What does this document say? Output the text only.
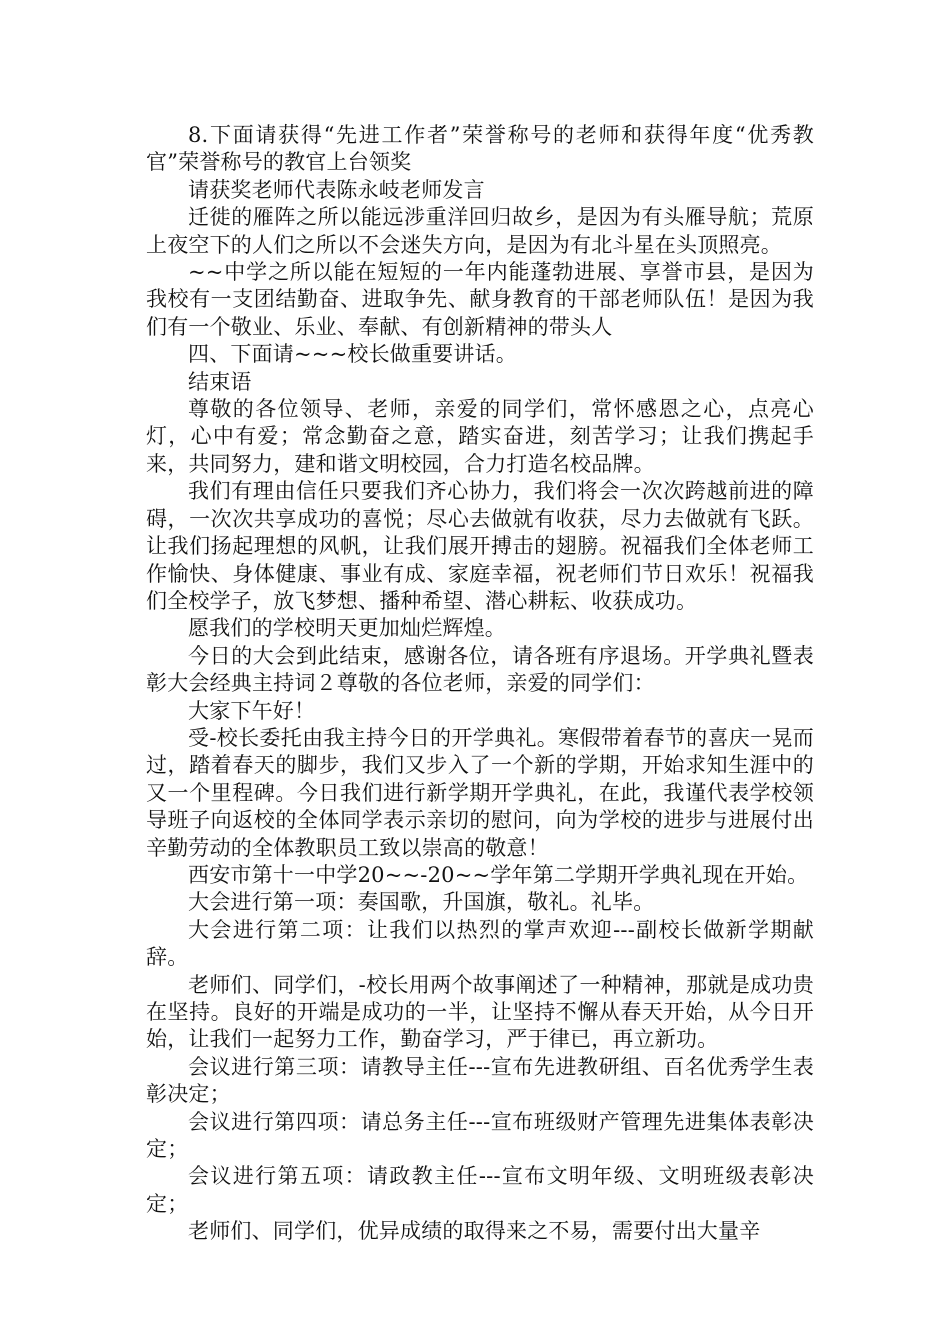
8.下面请获得“先进工作者”荣誉称号的老师和获得年度“优秀教官”荣誉称号的教官上台领奖

请获奖老师代表陈永岐老师发言

迁徙的雁阵之所以能远涉重洋回归故乡，是因为有头雁导航；荒原上夜空下的人们之所以不会迷失方向，是因为有北斗星在头顶照亮。

~~中学之所以能在短短的一年内能蓬勃进展、享誉市县，是因为我校有一支团结勤奋、进取争先、献身教育的干部老师队伍！是因为我们有一个敬业、乐业、奉献、有创新精神的带头人

四、下面请~~~校长做重要讲话。

结束语

尊敬的各位领导、老师，亲爱的同学们，常怀感恩之心，点亮心灯，心中有爱；常念勤奋之意，踏实奋进，刻苦学习；让我们携起手来，共同努力，建和谐文明校园，合力打造名校品牌。

我们有理由信任只要我们齐心协力，我们将会一次次跨越前进的障碍，一次次共享成功的喜悦；尽心去做就有收获，尽力去做就有飞跃。让我们扬起理想的风帆，让我们展开搏击的翅膀。祝福我们全体老师工作愉快、身体健康、事业有成、家庭幸福，祝老师们节日欢乐！祝福我们全校学子，放飞梦想、播种希望、潜心耕耘、收获成功。

愿我们的学校明天更加灿烂辉煌。

今日的大会到此结束，感谢各位，请各班有序退场。开学典礼暨表彰大会经典主持词２尊敬的各位老师，亲爱的同学们：

大家下午好！

受-校长委托由我主持今日的开学典礼。寒假带着春节的喜庆一晃而过，踏着春天的脚步，我们又步入了一个新的学期，开始求知生涯中的又一个里程碑。今日我们进行新学期开学典礼，在此，我谨代表学校领导班子向返校的全体同学表示亲切的慰问，向为学校的进步与进展付出辛勤劳动的全体教职员工致以崇高的敬意！

西安市第十一中学20~~-20~~学年第二学期开学典礼现在开始。

大会进行第一项：奏国歌，升国旗，敬礼。礼毕。

大会进行第二项：让我们以热烈的掌声欢迎---副校长做新学期献辞。

老师们、同学们，-校长用两个故事阐述了一种精神，那就是成功贵在坚持。良好的开端是成功的一半，让坚持不懈从春天开始，从今日开始，让我们一起努力工作，勤奋学习，严于律已，再立新功。

会议进行第三项：请教导主任---宣布先进教研组、百名优秀学生表彰决定；

会议进行第四项：请总务主任---宣布班级财产管理先进集体表彰决定；

会议进行第五项：请政教主任---宣布文明年级、文明班级表彰决定；

老师们、同学们，优异成绩的取得来之不易，需要付出大量辛
